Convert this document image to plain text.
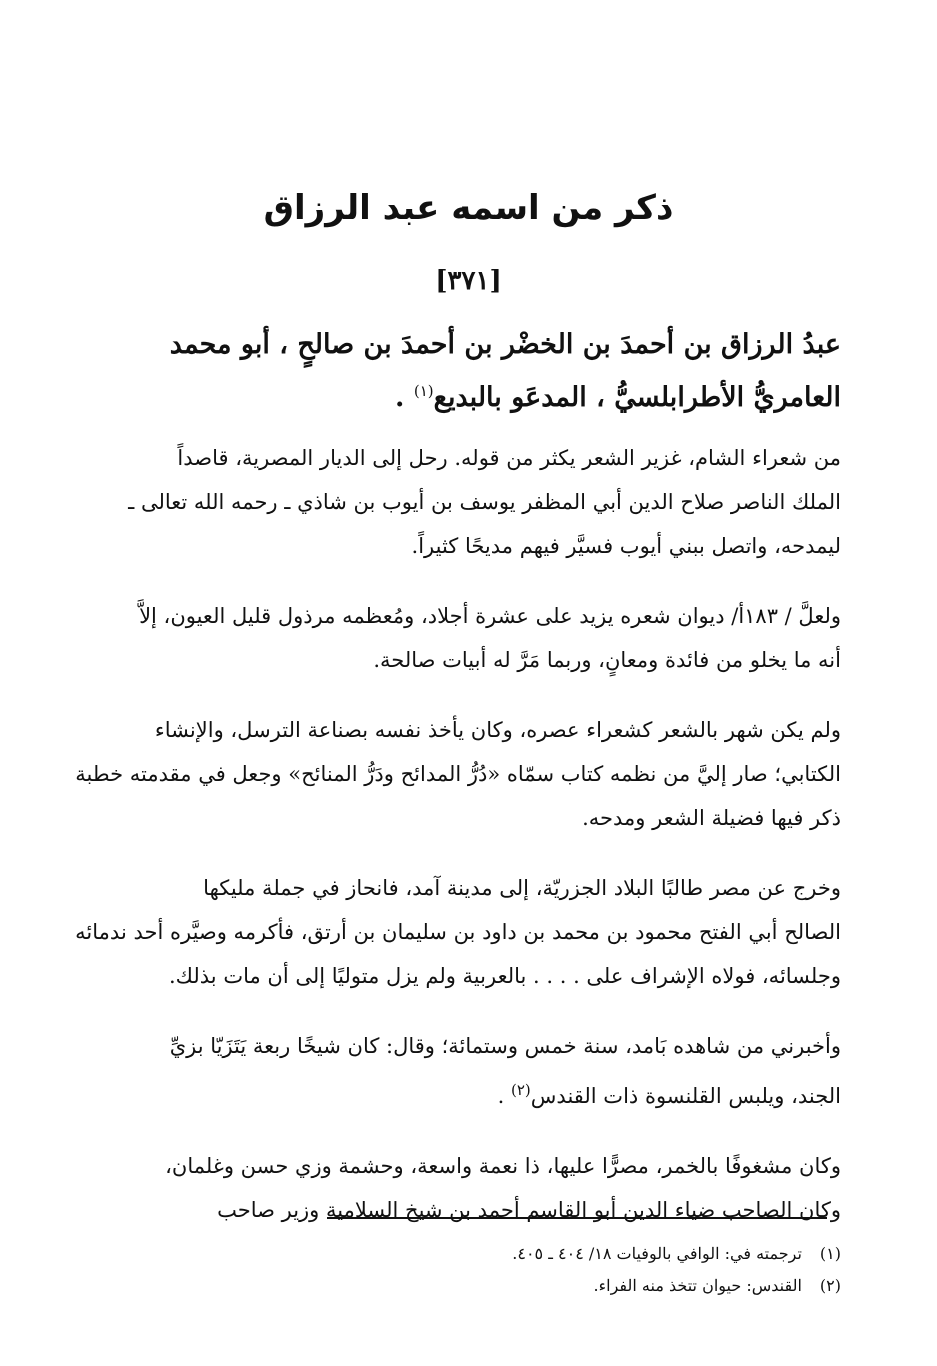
ذكر من اسمه عبد الرزاق
[٣٧١]
عبدُ الرزاق بن أحمدَ بن الخضْر بن أحمدَ بن صالحٍ ، أبو محمد
العامريُّ الأطرابلسيُّ ، المدعَو بالبديع$^{(١)}$ .

من شعراء الشام، غزير الشعر يكثر من قوله. رحل إلى الديار المصرية، قاصداً
الملك الناصر صلاح الدين أبي المظفر يوسف بن أيوب بن شاذي ـ رحمه الله تعالى ـ
ليمدحه، واتصل ببني أيوب فسيَّر فيهم مديحًا كثيراً.

ولعلَّ / ١٨٣أ/ ديوان شعره يزيد على عشرة أجلاد، ومُعظمه مرذول قليل العيون، إلاَّ
أنه ما يخلو من فائدة ومعانٍ، وربما مَرَّ له أبيات صالحة.

ولم يكن شهر بالشعر كشعراء عصره، وكان يأخذ نفسه بصناعة الترسل، والإنشاء
الكتابي؛ صار إليَّ من نظمه كتاب سمّاه «دُرُّ المدائح ودَرُّ المنائح» وجعل في مقدمته خطبة
ذكر فيها فضيلة الشعر ومدحه.

وخرج عن مصر طالبًا البلاد الجزريّة، إلى مدينة آمد، فانحاز في جملة مليكها
الصالح أبي الفتح محمود بن محمد بن داود بن سليمان بن أرتق، فأكرمه وصيَّره أحد ندمائه
وجلسائه، فولاه الإشراف على . . . . بالعربية ولم يزل متوليًا إلى أن مات بذلك.

وأخبرني من شاهده بَامد، سنة خمس وستمائة؛ وقال: كان شيخًا ربعة يَتَزَيّا بزيِّ
الجند، ويلبس القلنسوة ذات القندس$^{(٢)}$ .

وكان مشغوفًا بالخمر، مصرًّا عليها، ذا نعمة واسعة، وحشمة وزي حسن وغلمان،
وكان الصاحب ضياء الدين أبو القاسم أحمد بن شيخ السلامية وزير صاحب

(١)ترجمته في: الوافي بالوفيات ١٨/ ٤٠٤ ـ ٤٠٥.
(٢)القندس: حيوان تتخذ منه الفراء.
